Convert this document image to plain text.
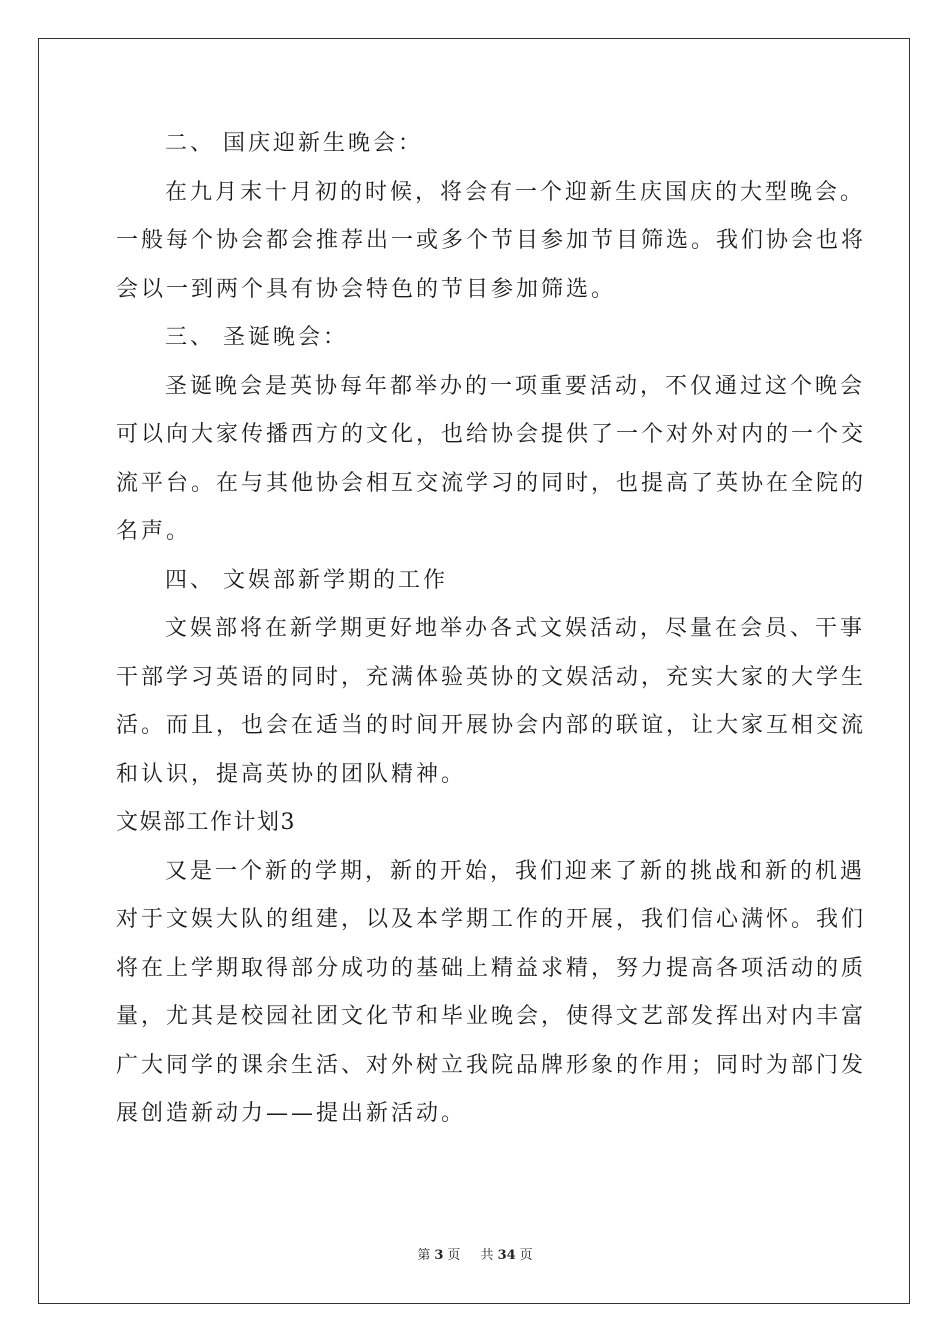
二、 国庆迎新生晚会：
在九月末十月初的时候，将会有一个迎新生庆国庆的大型晚会。
一般每个协会都会推荐出一或多个节目参加节目筛选。我们协会也将
会以一到两个具有协会特色的节目参加筛选。
三、 圣诞晚会：
圣诞晚会是英协每年都举办的一项重要活动，不仅通过这个晚会
可以向大家传播西方的文化，也给协会提供了一个对外对内的一个交
流平台。在与其他协会相互交流学习的同时，也提高了英协在全院的
名声。
四、 文娱部新学期的工作
文娱部将在新学期更好地举办各式文娱活动，尽量在会员、干事
干部学习英语的同时，充满体验英协的文娱活动，充实大家的大学生
活。而且，也会在适当的时间开展协会内部的联谊，让大家互相交流
和认识，提高英协的团队精神。
文娱部工作计划3
又是一个新的学期，新的开始，我们迎来了新的挑战和新的机遇
对于文娱大队的组建，以及本学期工作的开展，我们信心满怀。我们
将在上学期取得部分成功的基础上精益求精，努力提高各项活动的质
量，尤其是校园社团文化节和毕业晚会，使得文艺部发挥出对内丰富
广大同学的课余生活、对外树立我院品牌形象的作用；同时为部门发
展创造新动力——提出新活动。
第 3 页 共 34 页
